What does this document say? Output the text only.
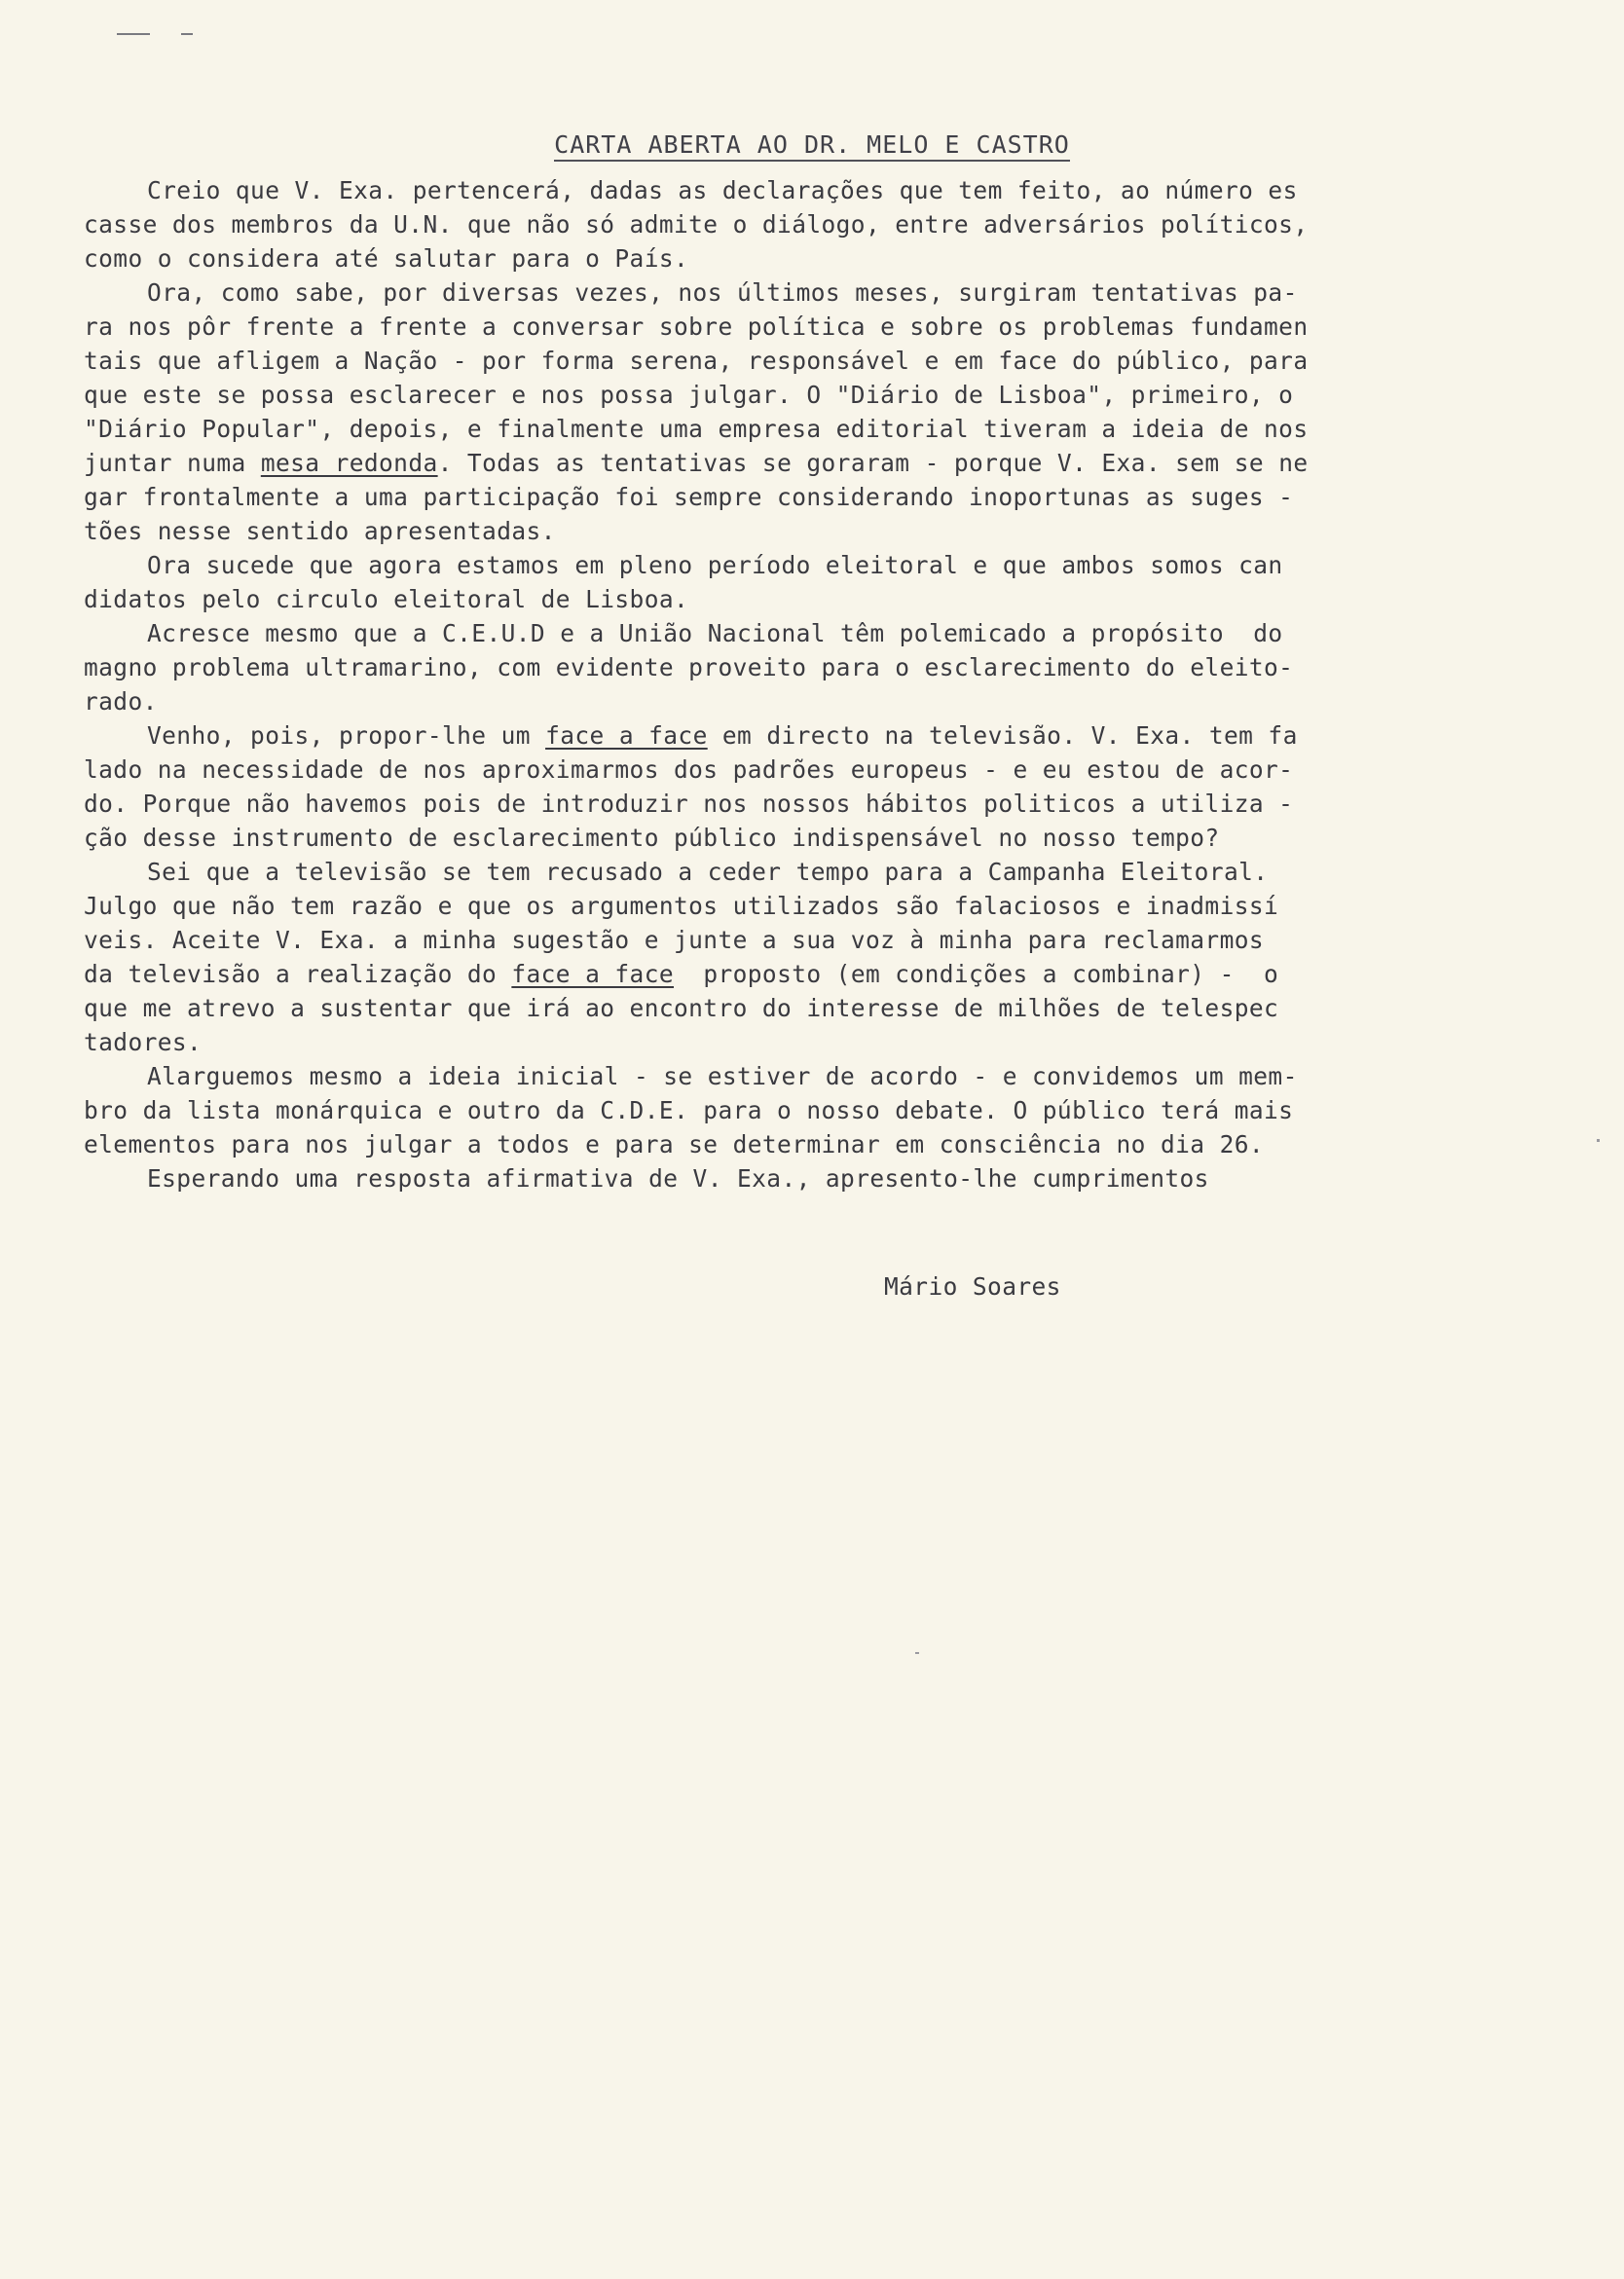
CARTA ABERTA AO DR. MELO E CASTRO
Creio que V. Exa. pertencerá, dadas as declarações que tem feito, ao número es
casse dos membros da U.N. que não só admite o diálogo, entre adversários políticos,
como o considera até salutar para o País.
Ora, como sabe, por diversas vezes, nos últimos meses, surgiram tentativas pa-
ra nos pôr frente a frente a conversar sobre política e sobre os problemas fundamen
tais que afligem a Nação - por forma serena, responsável e em face do público, para
que este se possa esclarecer e nos possa julgar. O "Diário de Lisboa", primeiro, o
"Diário Popular", depois, e finalmente uma empresa editorial tiveram a ideia de nos
juntar numa mesa redonda. Todas as tentativas se goraram - porque V. Exa. sem se ne
gar frontalmente a uma participação foi sempre considerando inoportunas as suges -
tões nesse sentido apresentadas.
Ora sucede que agora estamos em pleno período eleitoral e que ambos somos can
didatos pelo circulo eleitoral de Lisboa.
Acresce mesmo que a C.E.U.D e a União Nacional têm polemicado a propósito  do
magno problema ultramarino, com evidente proveito para o esclarecimento do eleito-
rado.
Venho, pois, propor-lhe um face a face em directo na televisão. V. Exa. tem fa
lado na necessidade de nos aproximarmos dos padrões europeus - e eu estou de acor-
do. Porque não havemos pois de introduzir nos nossos hábitos politicos a utiliza -
ção desse instrumento de esclarecimento público indispensável no nosso tempo?
Sei que a televisão se tem recusado a ceder tempo para a Campanha Eleitoral.
Julgo que não tem razão e que os argumentos utilizados são falaciosos e inadmissí
veis. Aceite V. Exa. a minha sugestão e junte a sua voz à minha para reclamarmos
da televisão a realização do face a face  proposto (em condições a combinar) -  o
que me atrevo a sustentar que irá ao encontro do interesse de milhões de telespec
tadores.
Alarguemos mesmo a ideia inicial - se estiver de acordo - e convidemos um mem-
bro da lista monárquica e outro da C.D.E. para o nosso debate. O público terá mais
elementos para nos julgar a todos e para se determinar em consciência no dia 26.
Esperando uma resposta afirmativa de V. Exa., apresento-lhe cumprimentos
Mário Soares
